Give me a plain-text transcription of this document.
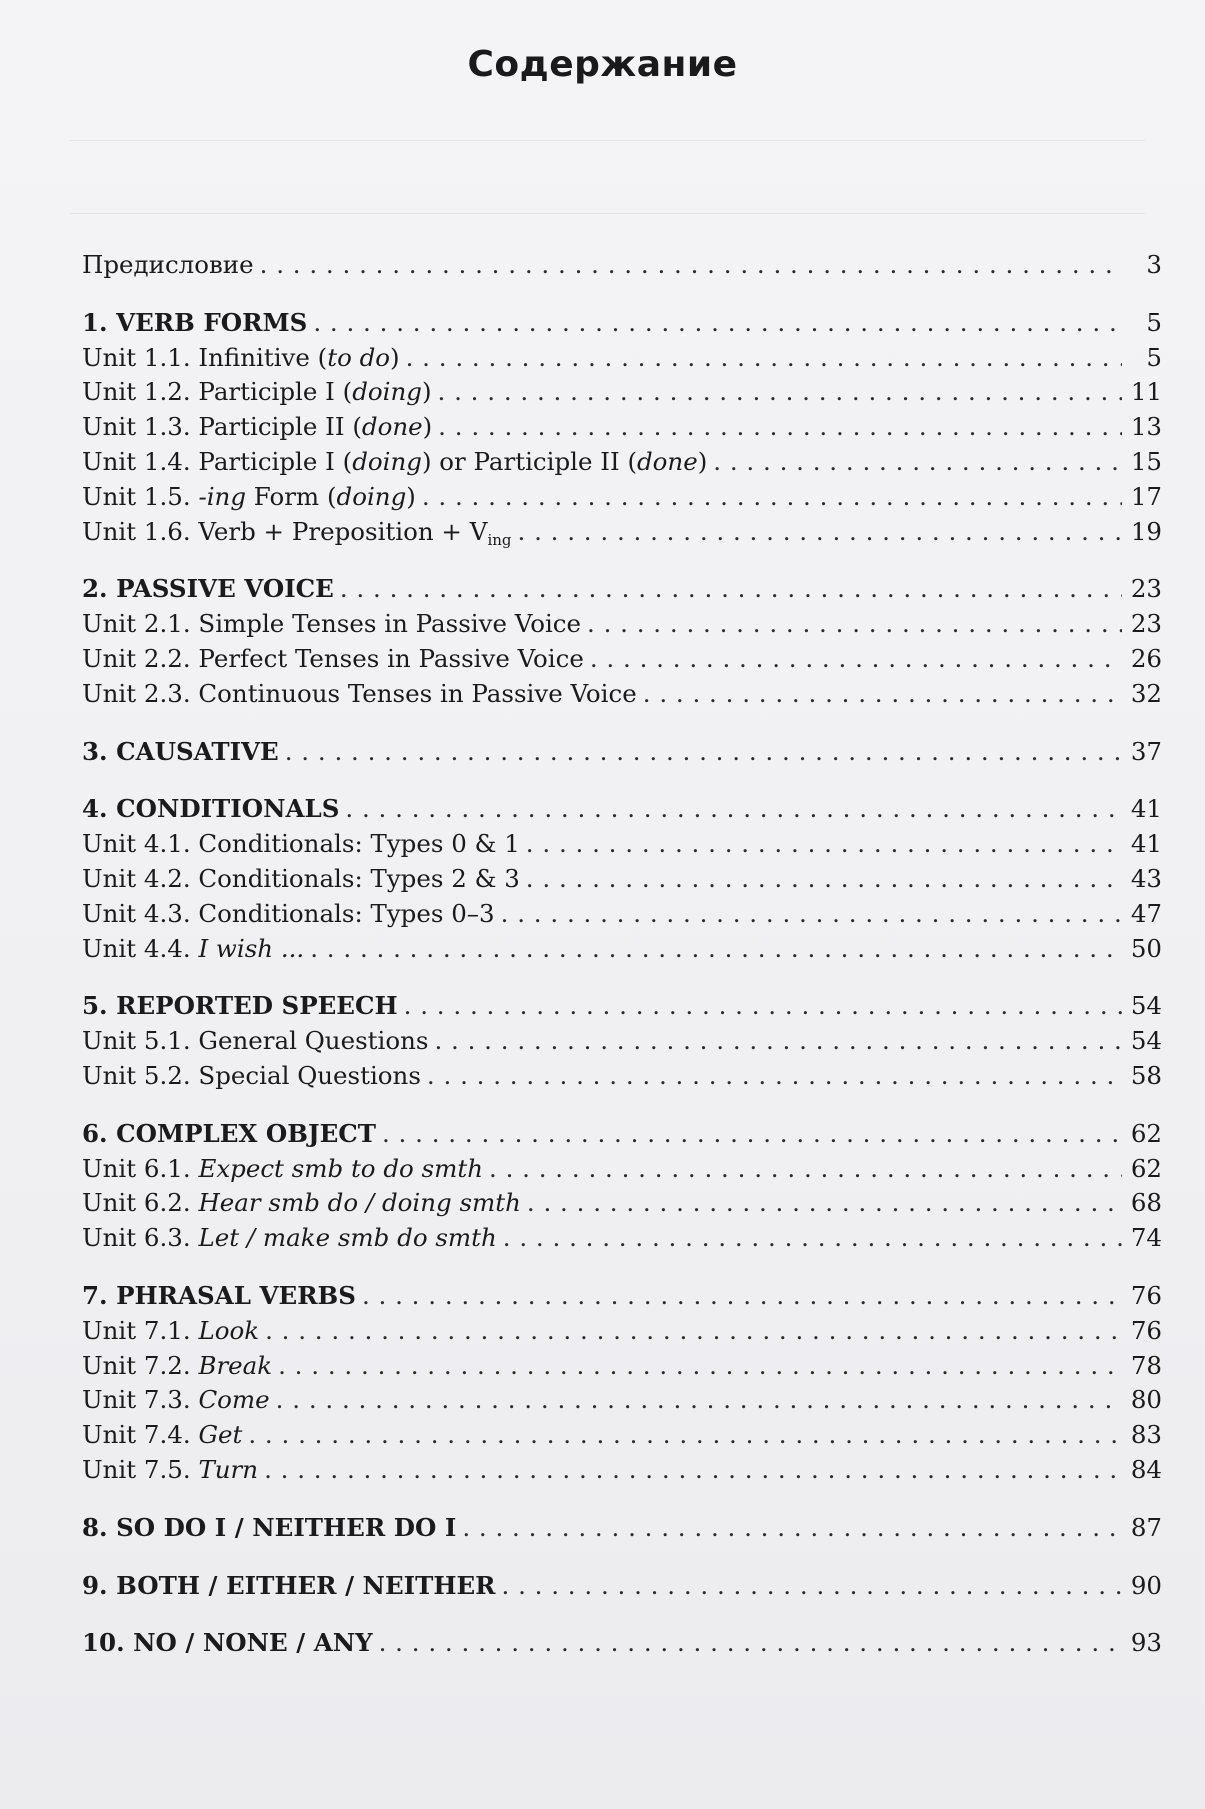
Содержание
Предисловие . . .	3
1. VERB FORMS . . .	5
Unit 1.1. Infinitive (to do) . . .	5
Unit 1.2. Participle I (doing) . . .	11
Unit 1.3. Participle II (done) . . .	13
Unit 1.4. Participle I (doing) or Participle II (done) . . .	15
Unit 1.5. -ing Form (doing) . . .	17
Unit 1.6. Verb + Preposition + $V_{ing}$ . . .	19
2. PASSIVE VOICE . . .	23
Unit 2.1. Simple Tenses in Passive Voice . . .	23
Unit 2.2. Perfect Tenses in Passive Voice . . .	26
Unit 2.3. Continuous Tenses in Passive Voice . . .	32
3. CAUSATIVE . . .	37
4. CONDITIONALS . . .	41
Unit 4.1. Conditionals: Types 0 & 1 . . .	41
Unit 4.2. Conditionals: Types 2 & 3 . . .	43
Unit 4.3. Conditionals: Types 0–3 . . .	47
Unit 4.4. I wish ... . . .	50
5. REPORTED SPEECH . . .	54
Unit 5.1. General Questions . . .	54
Unit 5.2. Special Questions . . .	58
6. COMPLEX OBJECT . . .	62
Unit 6.1. Expect smb to do smth . . .	62
Unit 6.2. Hear smb do / doing smth . . .	68
Unit 6.3. Let / make smb do smth . . .	74
7. PHRASAL VERBS . . .	76
Unit 7.1. Look . . .	76
Unit 7.2. Break . . .	78
Unit 7.3. Come . . .	80
Unit 7.4. Get . . .	83
Unit 7.5. Turn . . .	84
8. SO DO I / NEITHER DO I . . .	87
9. BOTH / EITHER / NEITHER . . .	90
10. NO / NONE / ANY . . .	93
